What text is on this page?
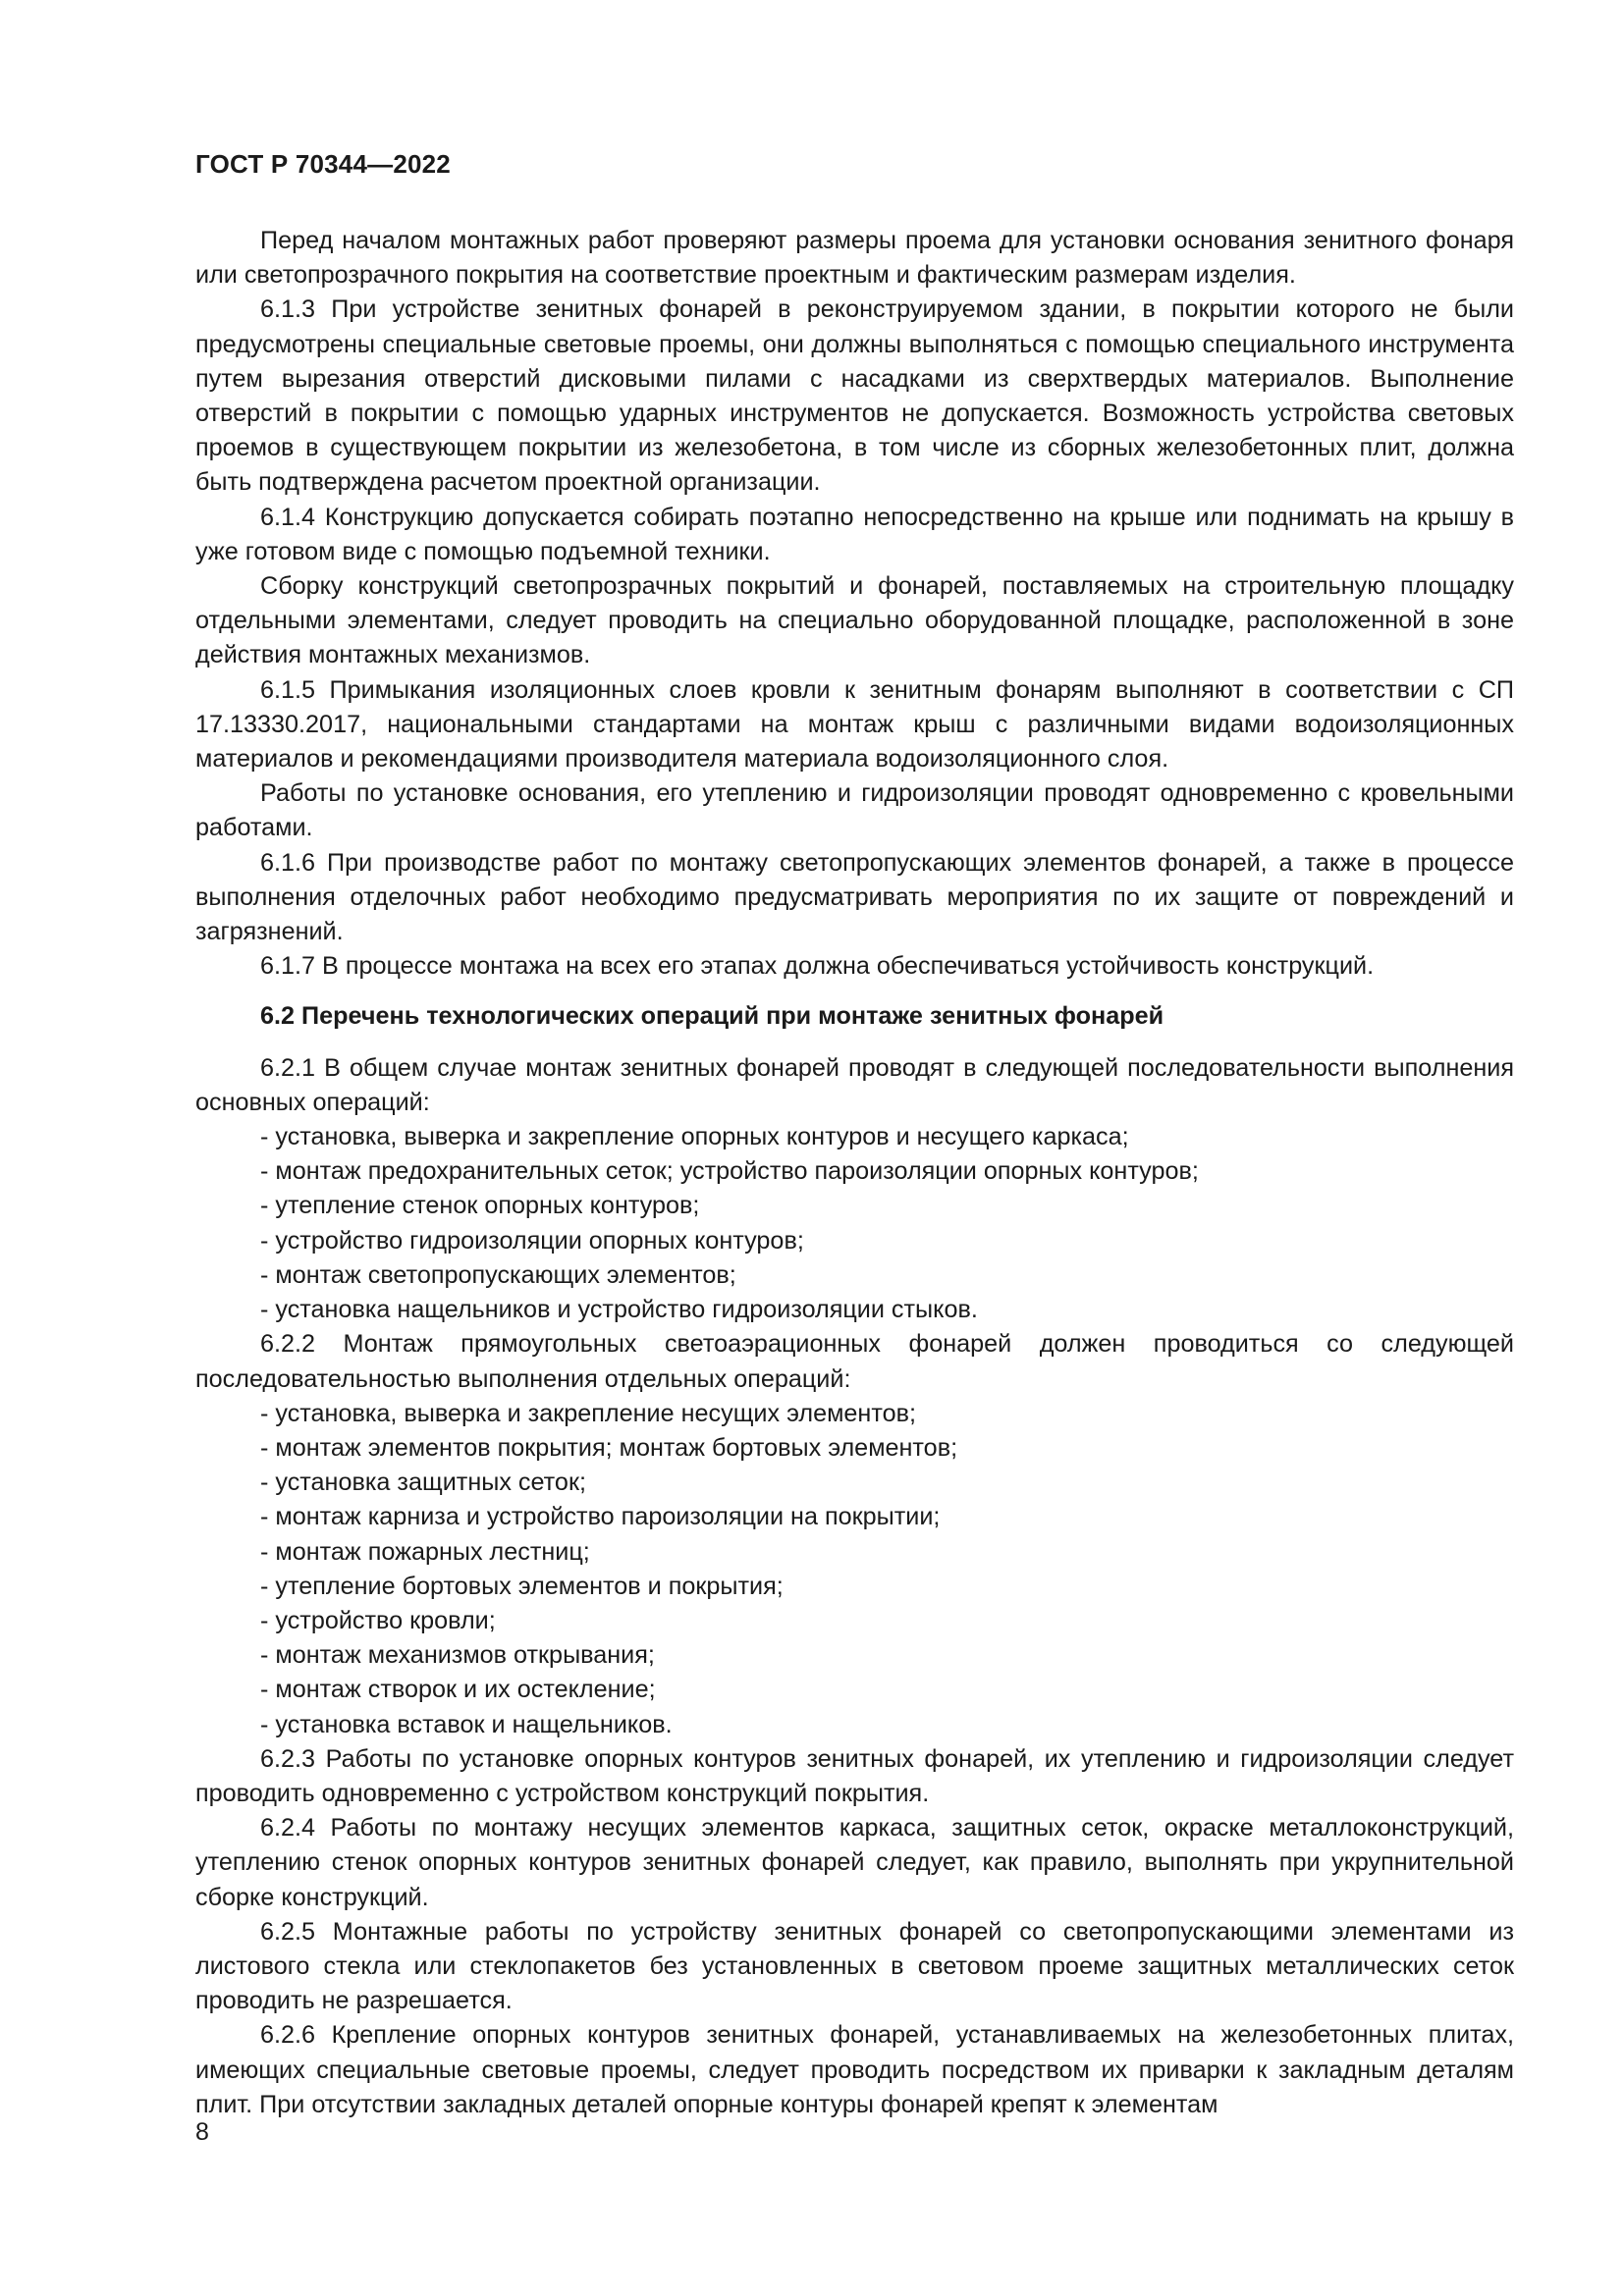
ГОСТ Р 70344—2022

Перед началом монтажных работ проверяют размеры проема для установки основания зенитного фонаря или светопрозрачного покрытия на соответствие проектным и фактическим размерам изделия.

6.1.3 При устройстве зенитных фонарей в реконструируемом здании, в покрытии которого не были предусмотрены специальные световые проемы, они должны выполняться с помощью специального инструмента путем вырезания отверстий дисковыми пилами с насадками из сверхтвердых материалов. Выполнение отверстий в покрытии с помощью ударных инструментов не допускается. Возможность устройства световых проемов в существующем покрытии из железобетона, в том числе из сборных железобетонных плит, должна быть подтверждена расчетом проектной организации.

6.1.4 Конструкцию допускается собирать поэтапно непосредственно на крыше или поднимать на крышу в уже готовом виде с помощью подъемной техники.

Сборку конструкций светопрозрачных покрытий и фонарей, поставляемых на строительную площадку отдельными элементами, следует проводить на специально оборудованной площадке, расположенной в зоне действия монтажных механизмов.

6.1.5 Примыкания изоляционных слоев кровли к зенитным фонарям выполняют в соответствии с СП 17.13330.2017, национальными стандартами на монтаж крыш с различными видами водоизоляционных материалов и рекомендациями производителя материала водоизоляционного слоя.

Работы по установке основания, его утеплению и гидроизоляции проводят одновременно с кровельными работами.

6.1.6 При производстве работ по монтажу светопропускающих элементов фонарей, а также в процессе выполнения отделочных работ необходимо предусматривать мероприятия по их защите от повреждений и загрязнений.

6.1.7 В процессе монтажа на всех его этапах должна обеспечиваться устойчивость конструкций.

6.2 Перечень технологических операций при монтаже зенитных фонарей

6.2.1 В общем случае монтаж зенитных фонарей проводят в следующей последовательности выполнения основных операций:

- установка, выверка и закрепление опорных контуров и несущего каркаса;
- монтаж предохранительных сеток; устройство пароизоляции опорных контуров;
- утепление стенок опорных контуров;
- устройство гидроизоляции опорных контуров;
- монтаж светопропускающих элементов;
- установка нащельников и устройство гидроизоляции стыков.

6.2.2 Монтаж прямоугольных светоаэрационных фонарей должен проводиться со следующей последовательностью выполнения отдельных операций:

- установка, выверка и закрепление несущих элементов;
- монтаж элементов покрытия; монтаж бортовых элементов;
- установка защитных сеток;
- монтаж карниза и устройство пароизоляции на покрытии;
- монтаж пожарных лестниц;
- утепление бортовых элементов и покрытия;
- устройство кровли;
- монтаж механизмов открывания;
- монтаж створок и их остекление;
- установка вставок и нащельников.

6.2.3 Работы по установке опорных контуров зенитных фонарей, их утеплению и гидроизоляции следует проводить одновременно с устройством конструкций покрытия.

6.2.4 Работы по монтажу несущих элементов каркаса, защитных сеток, окраске металлоконструкций, утеплению стенок опорных контуров зенитных фонарей следует, как правило, выполнять при укрупнительной сборке конструкций.

6.2.5 Монтажные работы по устройству зенитных фонарей со светопропускающими элементами из листового стекла или стеклопакетов без установленных в световом проеме защитных металлических сеток проводить не разрешается.

6.2.6 Крепление опорных контуров зенитных фонарей, устанавливаемых на железобетонных плитах, имеющих специальные световые проемы, следует проводить посредством их приварки к закладным деталям плит. При отсутствии закладных деталей опорные контуры фонарей крепят к элементам

8
